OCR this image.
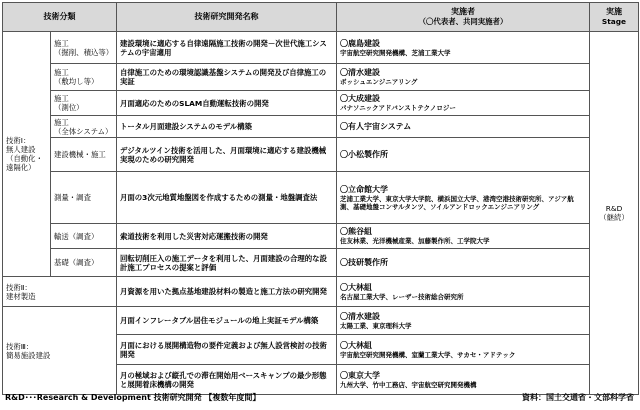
技術分類		技術研究開発名称	実施者
（〇代表者、共同実施者）	実施
Stage

技術Ⅰ：
無人建設
（自動化・
遠隔化）	施工
（掘削、積込等）	建設環境に適応する自律遠隔施工技術の開発－次世代施工システムの宇宙適用	〇鹿島建設
宇宙航空研究開発機構、芝浦工業大学	R&D
（継続）
	施工
（敷均し等）	自律施工のための環境認識基盤システムの開発及び自律施工の実証	〇清水建設
ボッシュエンジニアリング	

	施工
（測位）	月面適応のためのSLAM自動運転技術の開発	〇大成建設
パナソニックアドバンストテクノロジー	

	施工
（全体システム）	トータル月面建設システムのモデル構築	〇有人宇宙システム	

	建設機械・施工	デジタルツイン技術を活用した、月面環境に適応する建設機械実現のための研究開発	〇小松製作所	

	測量・調査	月面の3次元地質地盤図を作成するための測量・地盤調査法	〇立命館大学
芝浦工業大学、東京大学大学院、横浜国立大学、港湾空港技術研究所、アジア航測、基礎地盤コンサルタンツ、ソイルアンドロックエンジニアリング	

	輸送（調査）	索道技術を利用した災害対応運搬技術の開発	〇熊谷組
住友林業、光洋機械産業、加藤製作所、工学院大学	

	基礎（調査）	回転切削圧入の施工データを利用した、月面建設の合理的な設計施工プロセスの提案と評価	〇技研製作所	

技術Ⅱ：
建材製造		月資源を用いた拠点基地建設材料の製造と施工方法の研究開発	〇大林組
名古屋工業大学、レーザー技術総合研究所	

技術Ⅲ：
簡易施設建設		月面インフレータブル居住モジュールの地上実証モデル構築	〇清水建設
太陽工業、東京理科大学	

		月面における展開構造物の要件定義および無人設営検討の技術開発	〇大林組
宇宙航空研究開発機構、室蘭工業大学、サカセ・アドテック	

		月の極域および縦孔での滞在開始用ベースキャンプの最少形態と展開着床機構の開発	〇東京大学
九州大学、竹中工務店、宇宙航空研究開発機構	
R&D･･･Research & Development 技術研究開発 【複数年度間】	資料：国土交通省・文部科学省
